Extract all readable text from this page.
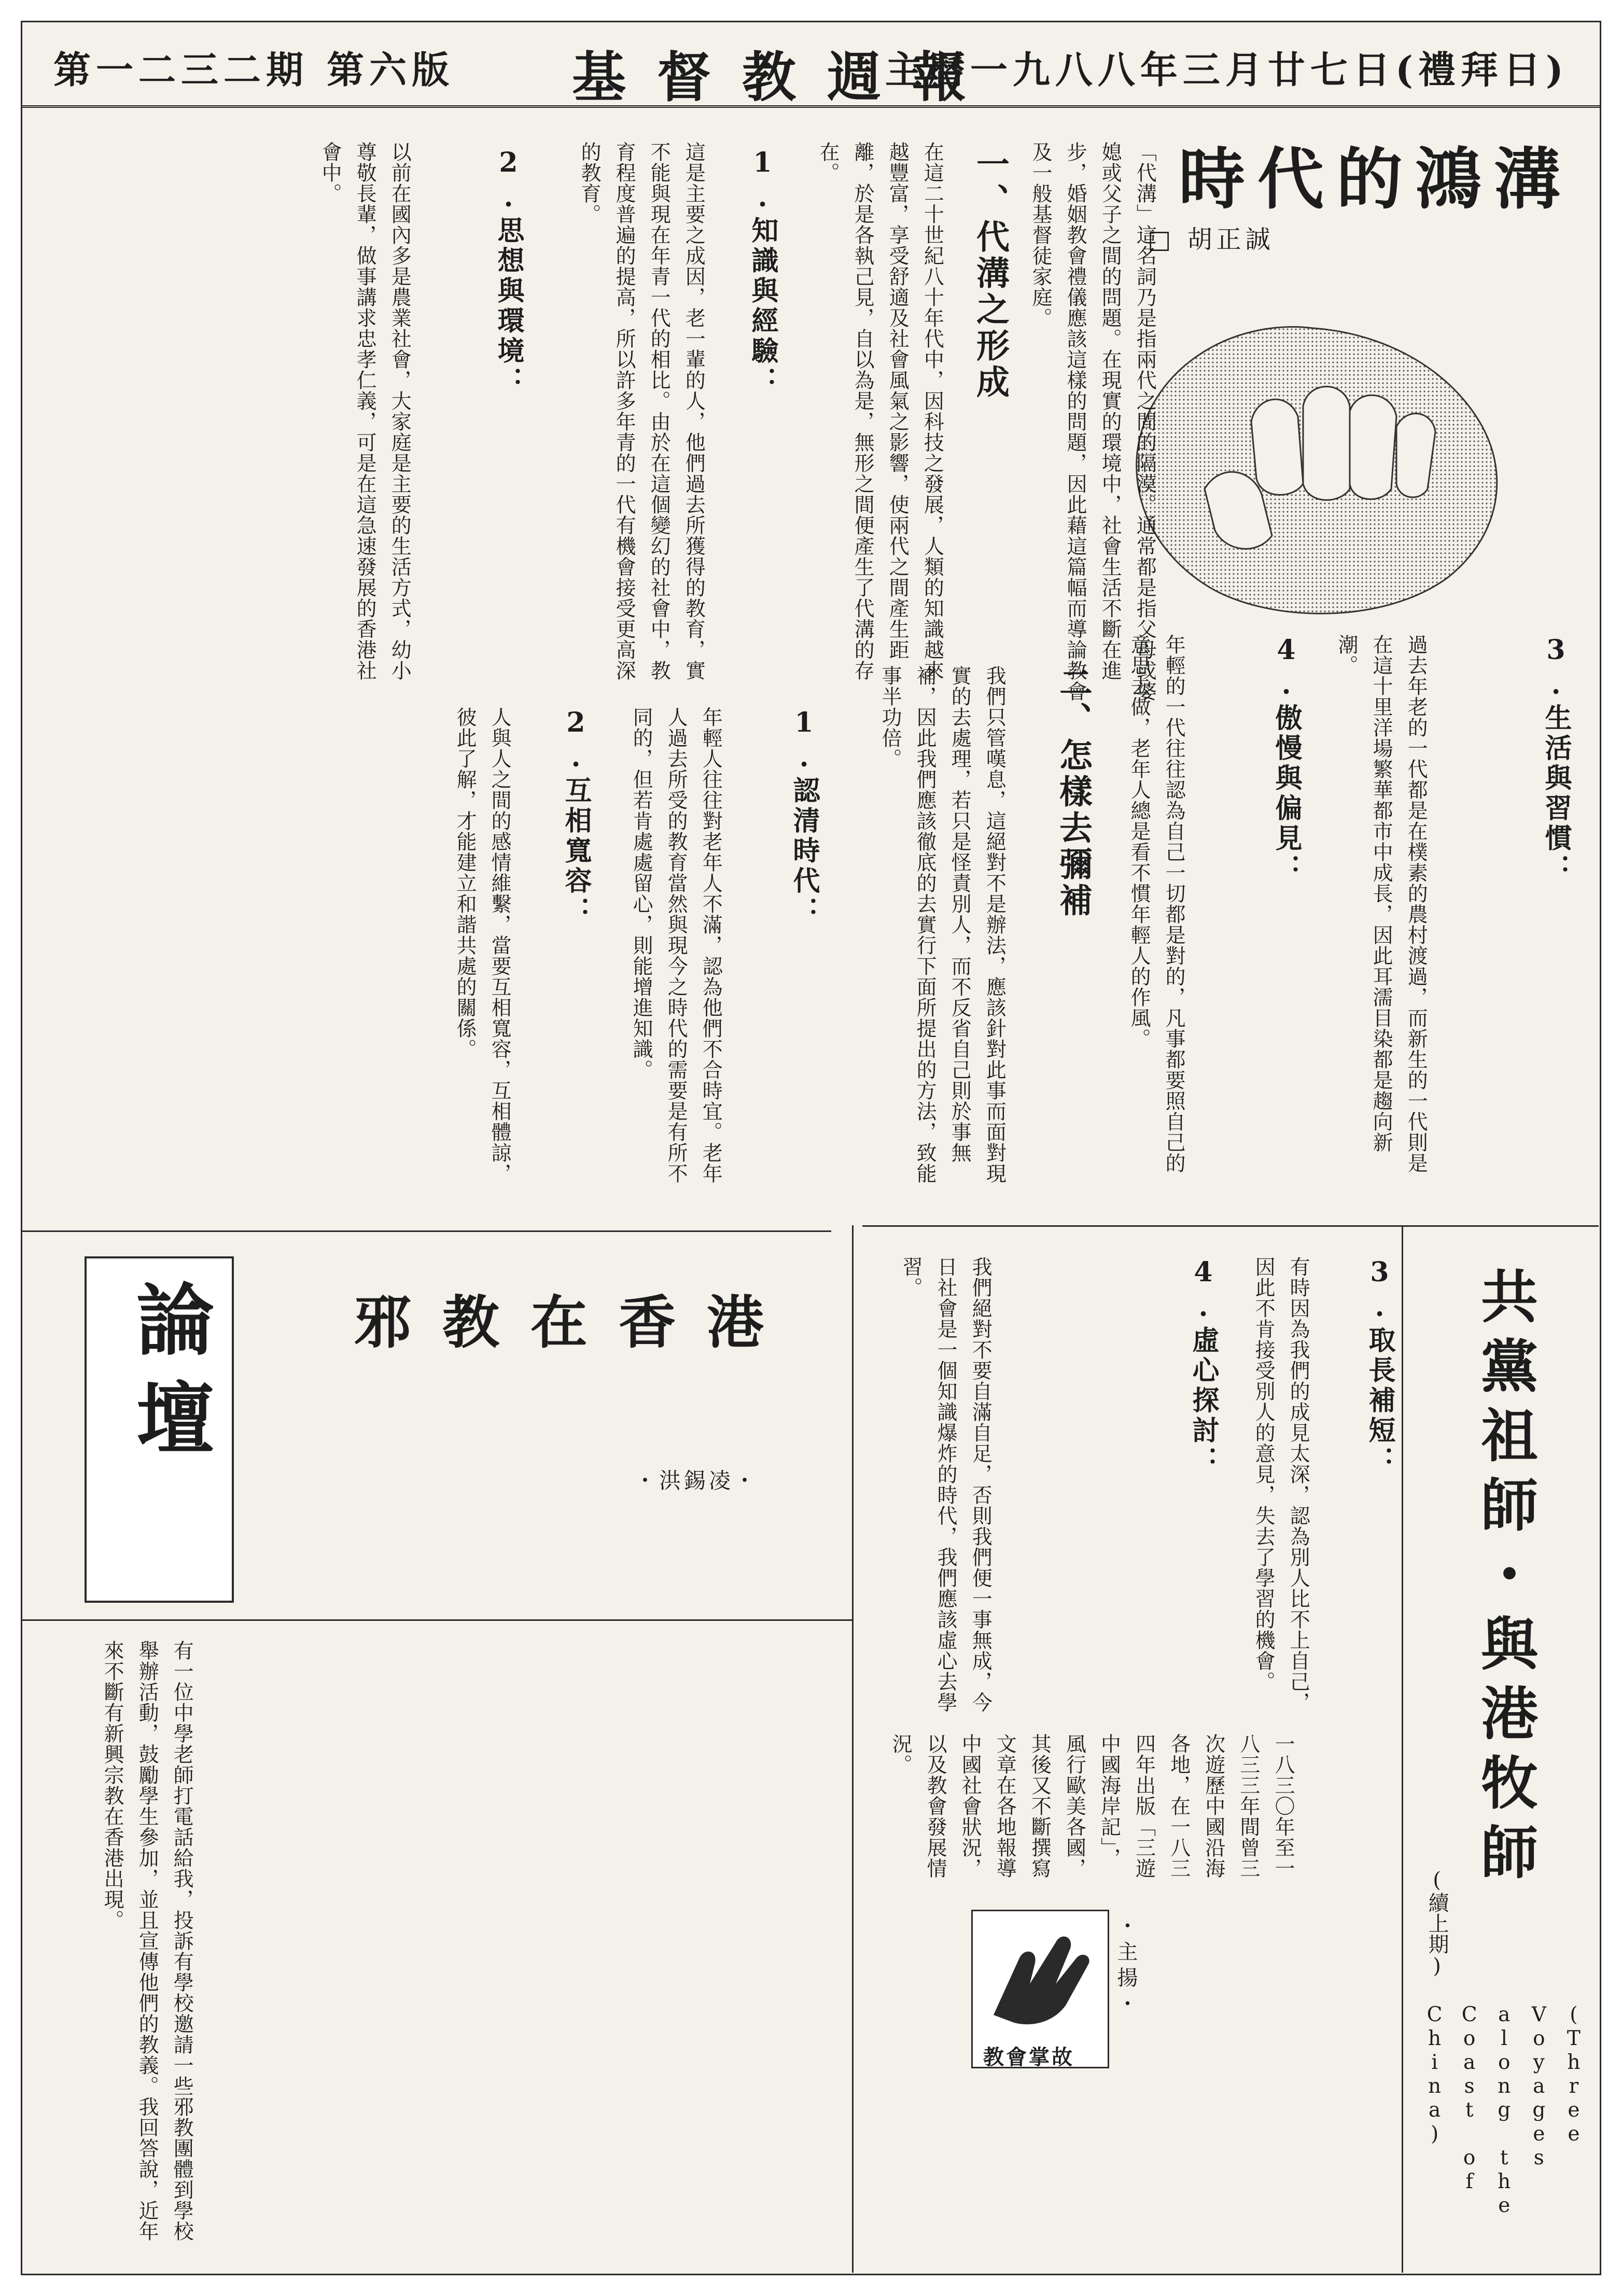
主曆一九八八年三月廿七日(禮拜日)
基督教週報
第一二三二期 第六版
時代的鴻溝
□ 胡正誠
「代溝」這名詞乃是指兩代之間的隔漠。通常都是指父母或婆媳或父子之間的問題。在現實的環境中，社會生活不斷在進步，婚姻教會禮儀應該這樣的問題，因此藉這篇幅而導論教會及一般基督徒家庭。
一、代溝之形成
在這二十世紀八十年代中，因科技之發展，人類的知識越來越豐富，享受舒適及社會風氣之影響，使兩代之間產生距離，於是各執己見，自以為是，無形之間便產生了代溝的存在。
1.知識與經驗：
這是主要之成因，老一輩的人，他們過去所獲得的教育，實不能與現在年青一代的相比。由於在這個變幻的社會中，教育程度普遍的提高，所以許多年青的一代有機會接受更高深的教育。
2.思想與環境：
以前在國內多是農業社會，大家庭是主要的生活方式，幼小尊敬長輩，做事講求忠孝仁義，可是在這急速發展的香港社會中。
3.生活與習慣：
過去年老的一代都是在樸素的農村渡過，而新生的一代則是在這十里洋場繁華都市中成長，因此耳濡目染都是趨向新潮。
4.傲慢與偏見：
年輕的一代往往認為自己一切都是對的，凡事都要照自己的意思去做，老年人總是看不慣年輕人的作風。
二、怎樣去彌補
我們只管嘆息，這絕對不是辦法，應該針對此事而面對現實的去處理，若只是怪責別人，而不反省自己則於事無補，因此我們應該徹底的去實行下面所提出的方法，致能事半功倍。
1.認清時代：
年輕人往往對老年人不滿，認為他們不合時宜。老年人過去所受的教育當然與現今之時代的需要是有所不同的，但若肯處處留心，則能增進知識。
2.互相寬容：
人與人之間的感情維繫，當要互相寬容，互相體諒，彼此了解，才能建立和諧共處的關係。
3.取長補短：
有時因為我們的成見太深，認為別人比不上自己，因此不肯接受別人的意見，失去了學習的機會。
4.虛心探討：
我們絕對不要自滿自足，否則我們便一事無成，今日社會是一個知識爆炸的時代，我們應該虛心去學習。
論壇 邪教在香港
・洪錫凌・
有一位中學老師打電話給我，投訴有學校邀請一些邪教團體到學校舉辦活動，鼓勵學生參加，並且宣傳他們的教義。我回答說，近年來不斷有新興宗教在香港出現。	共黨祖師・與港牧師
(續上期)
(Three Voyages along the Coast of China)
一八三〇年至一八三三年間曾三次遊歷中國沿海各地，在一八三四年出版「三遊中國海岸記」，風行歐美各國，其後又不斷撰寫文章在各地報導中國社會狀況，以及教會發展情況。
教會掌故
・主揚・
